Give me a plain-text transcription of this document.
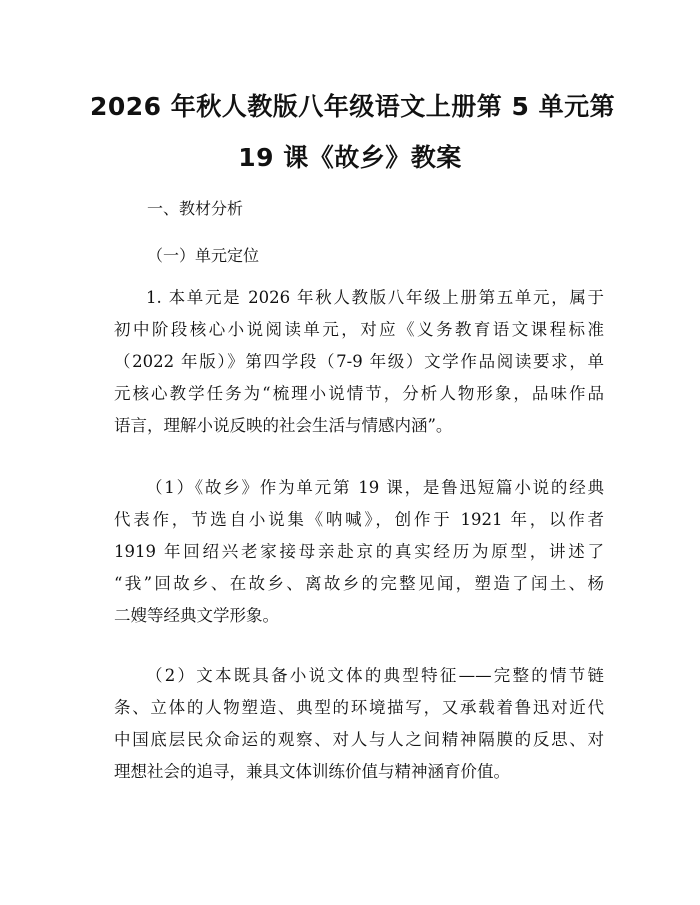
2026 年秋人教版八年级语文上册第 5 单元第
19 课《故乡》教案

一、教材分析

（一）单元定位

1. 本单元是 2026 年秋人教版八年级上册第五单元，属于
初中阶段核心小说阅读单元，对应《义务教育语文课程标准
（2022 年版）》第四学段（7-9 年级）文学作品阅读要求，单
元核心教学任务为“梳理小说情节，分析人物形象，品味作品
语言，理解小说反映的社会生活与情感内涵”。
（1）《故乡》作为单元第 19 课，是鲁迅短篇小说的经典
代表作，节选自小说集《呐喊》，创作于 1921 年，以作者
1919 年回绍兴老家接母亲赴京的真实经历为原型，讲述了
“我”回故乡、在故乡、离故乡的完整见闻，塑造了闰土、杨
二嫂等经典文学形象。
（2）文本既具备小说文体的典型特征——完整的情节链
条、立体的人物塑造、典型的环境描写，又承载着鲁迅对近代
中国底层民众命运的观察、对人与人之间精神隔膜的反思、对
理想社会的追寻，兼具文体训练价值与精神涵育价值。
